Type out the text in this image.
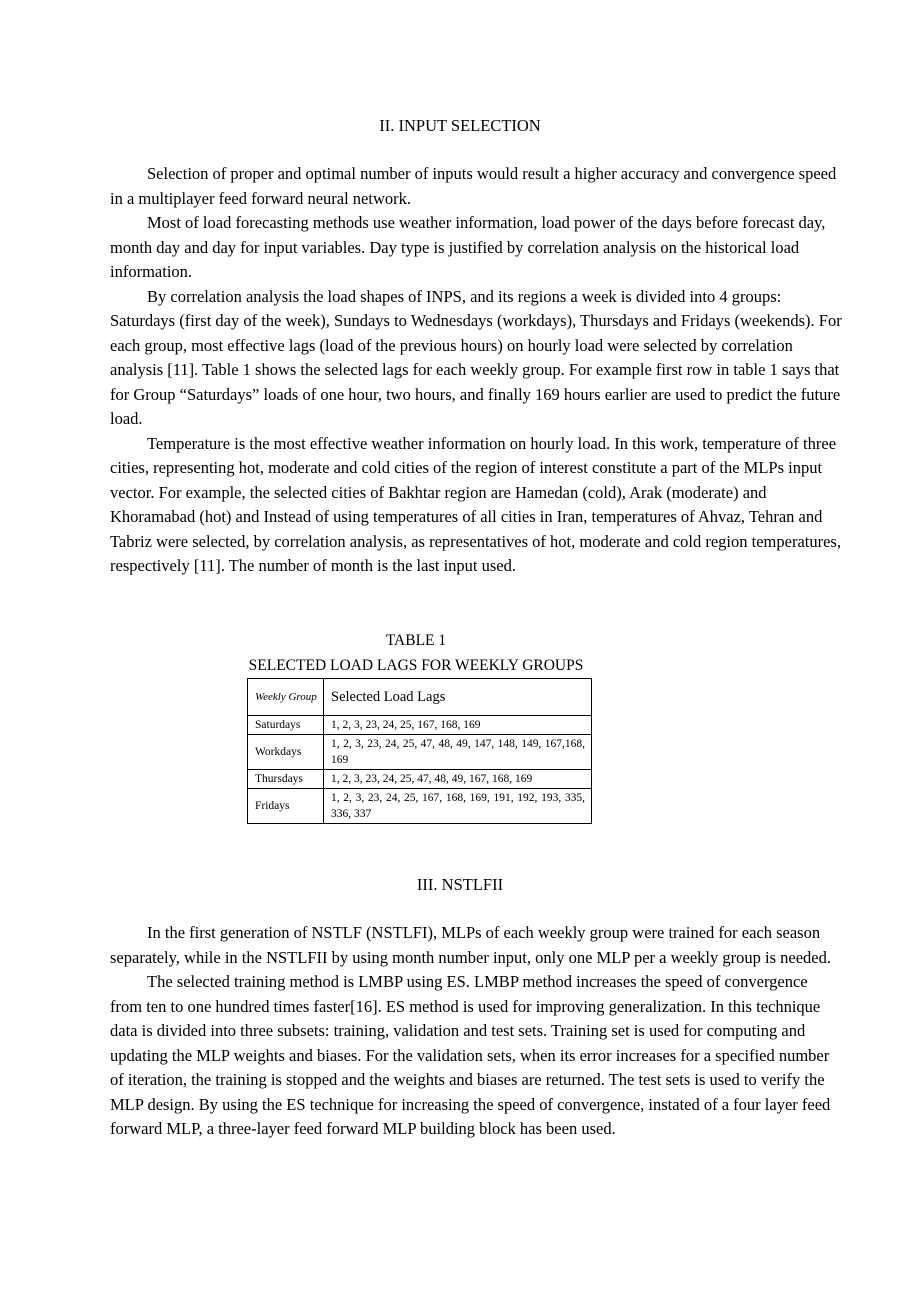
II. INPUT SELECTION

Selection of proper and optimal number of inputs would result a higher accuracy and convergence speed in a multiplayer feed forward neural network.

Most of load forecasting methods use weather information, load power of the days before forecast day, month day and day for input variables. Day type is justified by correlation analysis on the historical load information.

By correlation analysis the load shapes of INPS, and its regions a week is divided into 4 groups: Saturdays (first day of the week), Sundays to Wednesdays (workdays), Thursdays and Fridays (weekends). For each group, most effective lags (load of the previous hours) on hourly load were selected by correlation analysis [11]. Table 1 shows the selected lags for each weekly group. For example first row in table 1 says that for Group “Saturdays” loads of one hour, two hours, and finally 169 hours earlier are used to predict the future load.

Temperature is the most effective weather information on hourly load. In this work, temperature of three cities, representing hot, moderate and cold cities of the region of interest constitute a part of the MLPs input vector. For example, the selected cities of Bakhtar region are Hamedan (cold), Arak (moderate) and Khoramabad (hot) and Instead of using temperatures of all cities in Iran, temperatures of Ahvaz, Tehran and Tabriz were selected, by correlation analysis, as representatives of hot, moderate and cold region temperatures, respectively [11]. The number of month is the last input used.

TABLE 1
SELECTED LOAD LAGS FOR WEEKLY GROUPS
Weekly Group	Selected Load Lags
Saturdays	1, 2, 3, 23, 24, 25, 167, 168, 169
Workdays	1, 2, 3, 23, 24, 25, 47, 48, 49, 147, 148, 149, 167,168, 169
Thursdays	1, 2, 3, 23, 24, 25, 47, 48, 49, 167, 168, 169
Fridays	1, 2, 3, 23, 24, 25, 167, 168, 169, 191, 192, 193, 335, 336, 337
III. NSTLFII

In the first generation of NSTLF (NSTLFI), MLPs of each weekly group were trained for each season separately, while in the NSTLFII by using month number input, only one MLP per a weekly group is needed.

The selected training method is LMBP using ES. LMBP method increases the speed of convergence from ten to one hundred times faster[16]. ES method is used for improving generalization. In this technique data is divided into three subsets: training, validation and test sets. Training set is used for computing and updating the MLP weights and biases. For the validation sets, when its error increases for a specified number of iteration, the training is stopped and the weights and biases are returned. The test sets is used to verify the MLP design. By using the ES technique for increasing the speed of convergence, instated of a four layer feed forward MLP, a three-layer feed forward MLP building block has been used.
